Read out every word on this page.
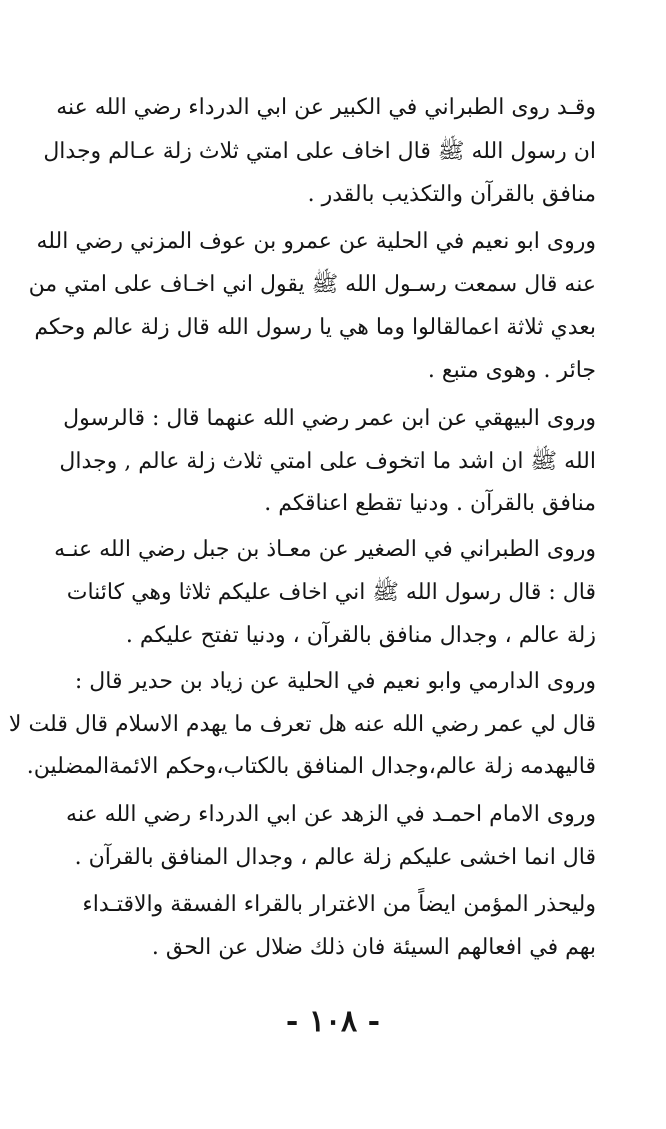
وقـد روى الطبراني في الكبير عن ابي الدرداء رضي الله عنه
ان رسول الله ﷺ قال اخاف على امتي ثلاث زلة عـالم وجدال
منافق بالقرآن والتكذيب بالقدر .
وروى ابو نعيم في الحلية عن عمرو بن عوف المزني رضي الله
عنه قال سمعت رسـول الله ﷺ يقول اني اخـاف على امتي من
بعدي ثلاثة اعمالقالوا وما هي يا رسول الله قال زلة عالم وحكم
جائر . وهوى متبع .
وروى البيهقي عن ابن عمر رضي الله عنهما قال : قالرسول
الله ﷺ ان اشد ما اتخوف على امتي ثلاث زلة عالم , وجدال
منافق بالقرآن . ودنيا تقطع اعناقكم .
وروى الطبراني في الصغير عن معـاذ بن جبل رضي الله عنـه
قال : قال رسول الله ﷺ اني اخاف عليكم ثلاثا وهي كائنات
زلة عالم ، وجدال منافق بالقرآن ، ودنيا تفتح عليكم .
وروى الدارمي وابو نعيم في الحلية عن زياد بن حدير قال :
قال لي عمر رضي الله عنه هل تعرف ما يهدم الاسلام قال قلت لا
قاليهدمه زلة عالم،وجدال المنافق بالكتاب،وحكم الائمةالمضلين.
وروى الامام احمـد في الزهد عن ابي الدرداء رضي الله عنه
قال انما اخشى عليكم زلة عالم ، وجدال المنافق بالقرآن .
وليحذر المؤمن ايضاً من الاغترار بالقراء الفسقة والاقتـداء
بهم في افعالهم السيئة فان ذلك ضلال عن الحق .
- ١٠٨ -
